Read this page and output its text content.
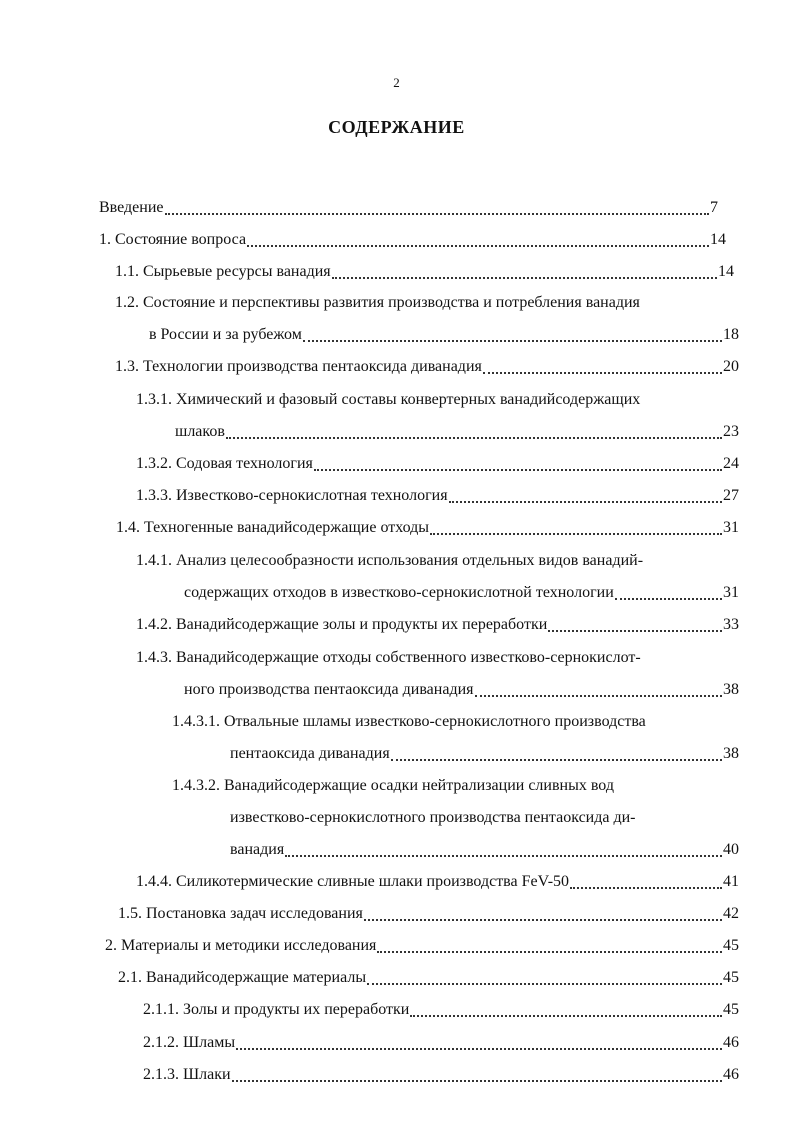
2
СОДЕРЖАНИЕ
Введение	7
1. Состояние вопроса	14
1.1. Сырьевые ресурсы ванадия	14
1.2. Состояние и перспективы развития производства и потребления ванадия
в России и за рубежом	18
1.3. Технологии производства пентаоксида диванадия	20
1.3.1. Химический и фазовый составы конвертерных ванадийсодержащих
шлаков	23
1.3.2. Содовая технология	24
1.3.3. Известково-сернокислотная технология	27
1.4. Техногенные ванадийсодержащие отходы	31
1.4.1. Анализ целесообразности использования отдельных видов ванадий-
содержащих отходов в известково-сернокислотной технологии	31
1.4.2. Ванадийсодержащие золы и продукты их переработки	33
1.4.3. Ванадийсодержащие отходы собственного известково-сернокислот-
ного производства пентаоксида диванадия	38
1.4.3.1. Отвальные шламы известково-сернокислотного производства
пентаоксида диванадия	38
1.4.3.2. Ванадийсодержащие осадки нейтрализации сливных вод
известково-сернокислотного производства пентаоксида ди-
ванадия	40
1.4.4. Силикотермические сливные шлаки производства FeV-50	41
1.5. Постановка задач исследования	42
2. Материалы и методики исследования	45
2.1. Ванадийсодержащие материалы	45
2.1.1. Золы и продукты их переработки	45
2.1.2. Шламы	46
2.1.3. Шлаки	46
